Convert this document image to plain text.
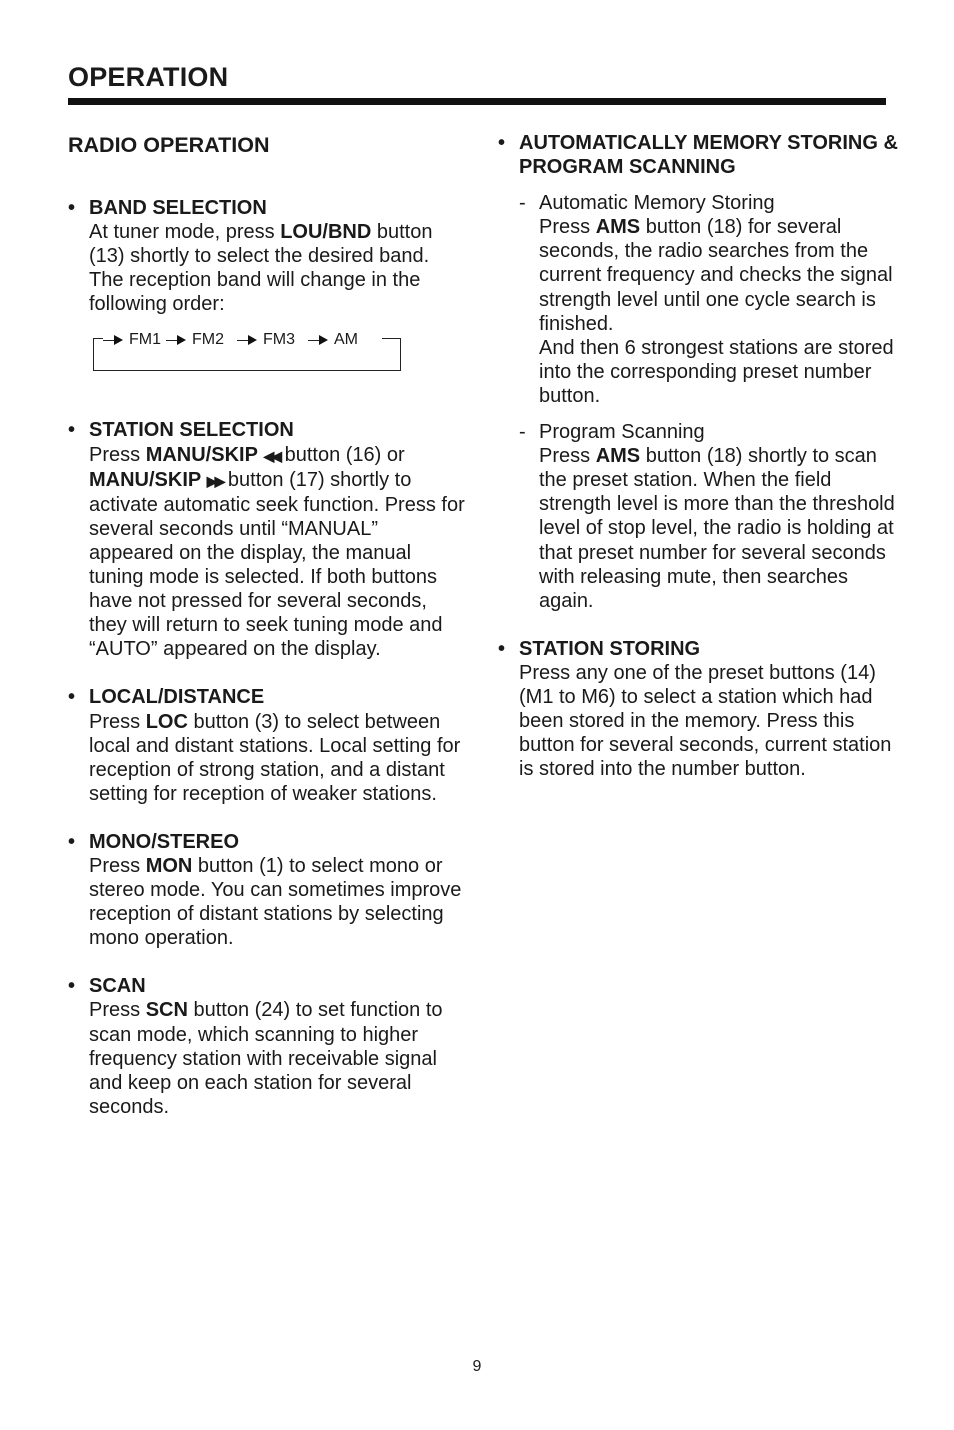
OPERATION
RADIO OPERATION
• BAND SELECTION

At tuner mode, press LOU/BND button (13) shortly to select the desired band. The reception band will change in the following order:

FM1 FM2 FM3 AM
• STATION SELECTION

Press MANU/SKIP ◀◀ button (16) or MANU/SKIP ▶▶ button (17) shortly to activate automatic seek function. Press for several seconds until “MANUAL” appeared on the display, the manual tuning mode is selected. If both buttons have not pressed for several seconds, they will return to seek tuning mode and “AUTO” appeared on the display.

• LOCAL/DISTANCE

Press LOC button (3) to select between local and distant stations. Local setting for reception of strong station, and a distant setting for reception of weaker stations.

• MONO/STEREO

Press MON button (1) to select mono or stereo mode. You can sometimes improve reception of distant stations by selecting mono operation.

• SCAN

Press SCN button (24) to set function to scan mode, which scanning to higher frequency station with receivable signal and keep on each station for several seconds.

• AUTOMATICALLY MEMORY STORING & PROGRAM SCANNING
- Automatic Memory Storing

Press AMS button (18) for several seconds, the radio searches from the current frequency and checks the signal strength level until one cycle search is finished.

And then 6 strongest stations are stored into the corresponding preset number button.

- Program Scanning

Press AMS button (18) shortly to scan the preset station. When the field strength level is more than the threshold level of stop level, the radio is holding at that preset number for several seconds with releasing mute, then searches again.

• STATION STORING

Press any one of the preset buttons (14) (M1 to M6) to select a station which had been stored in the memory. Press this button for several seconds, current station is stored into the number button.

9
